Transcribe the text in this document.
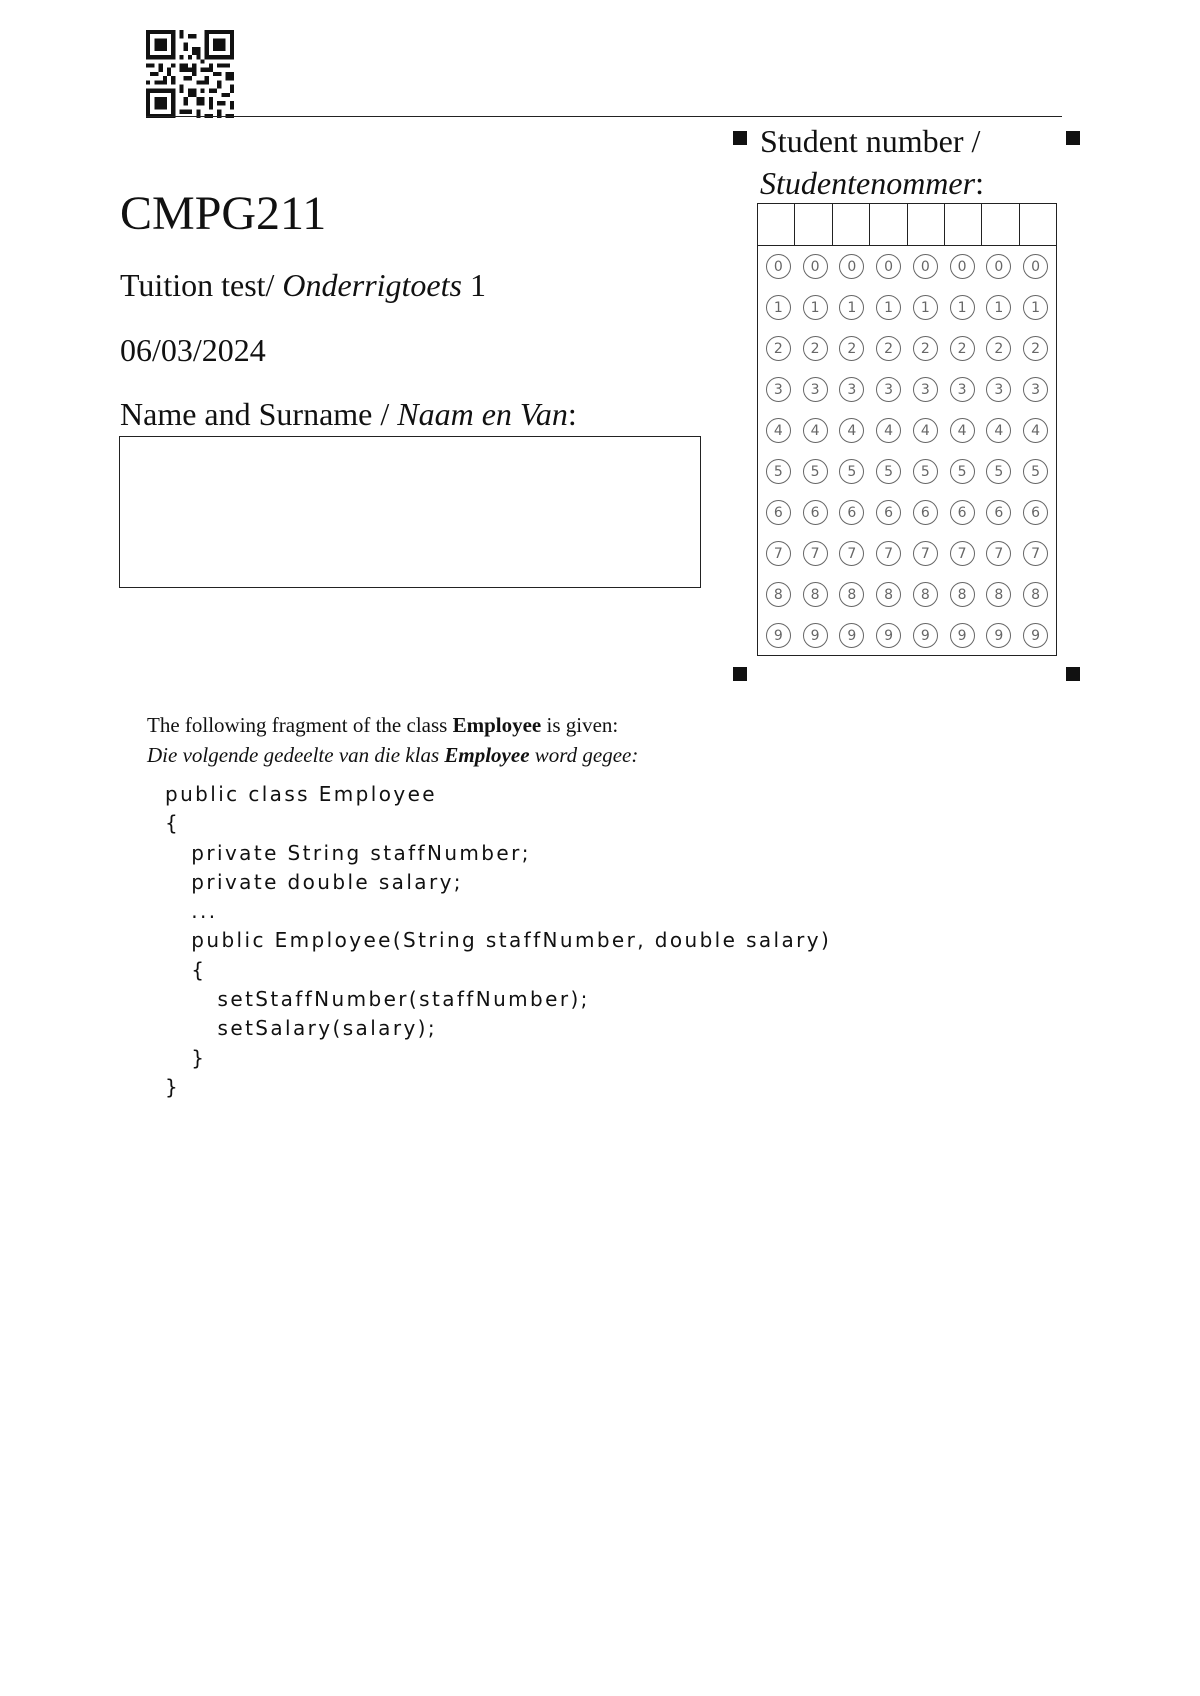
CMPG211
Tuition test/ Onderrigtoets 1
06/03/2024
Name and Surname / Naam en Van:
Student number /
Studentenommer:
0	0	0	0	0	0	0	0
1	1	1	1	1	1	1	1
2	2	2	2	2	2	2	2
3	3	3	3	3	3	3	3
4	4	4	4	4	4	4	4
5	5	5	5	5	5	5	5
6	6	6	6	6	6	6	6
7	7	7	7	7	7	7	7
8	8	8	8	8	8	8	8
9	9	9	9	9	9	9	9
The following fragment of the class Employee is given:
Die volgende gedeelte van die klas Employee word gegee:
public class Employee
{
private String staffNumber;
private double salary;
...
public Employee(String staffNumber, double salary)
{
setStaffNumber(staffNumber);
setSalary(salary);
}
}
